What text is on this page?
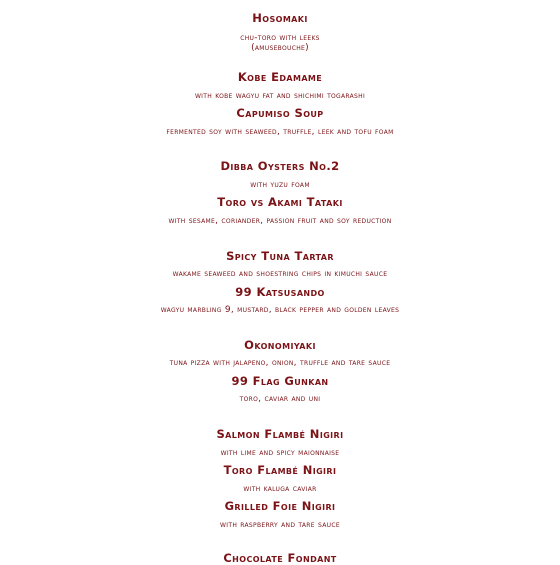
Hosomaki
chu-toro with leeks
(amusebouche)
Kobe Edamame
with kobe wagyu fat and shichimi togarashi
Capumiso Soup
fermented soy with seaweed, truffle, leek and tofu foam
Dibba Oysters No.2
with yuzu foam
Toro vs Akami Tataki
with sesame, coriander, passion fruit and soy reduction
Spicy Tuna Tartar
wakame seaweed and shoestring chips in kimuchi sauce
99 Katsusando
wagyu marbling 9, mustard, black pepper and golden leaves
Okonomiyaki
tuna pizza with jalapeno, onion, truffle and tare sauce
99 Flag Gunkan
toro, caviar and uni
Salmon Flambé Nigiri
with lime and spicy maionnaise
Toro Flambé Nigiri
with kaluga caviar
Grilled Foie Nigiri
with raspberry and tare sauce
Chocolate Fondant
